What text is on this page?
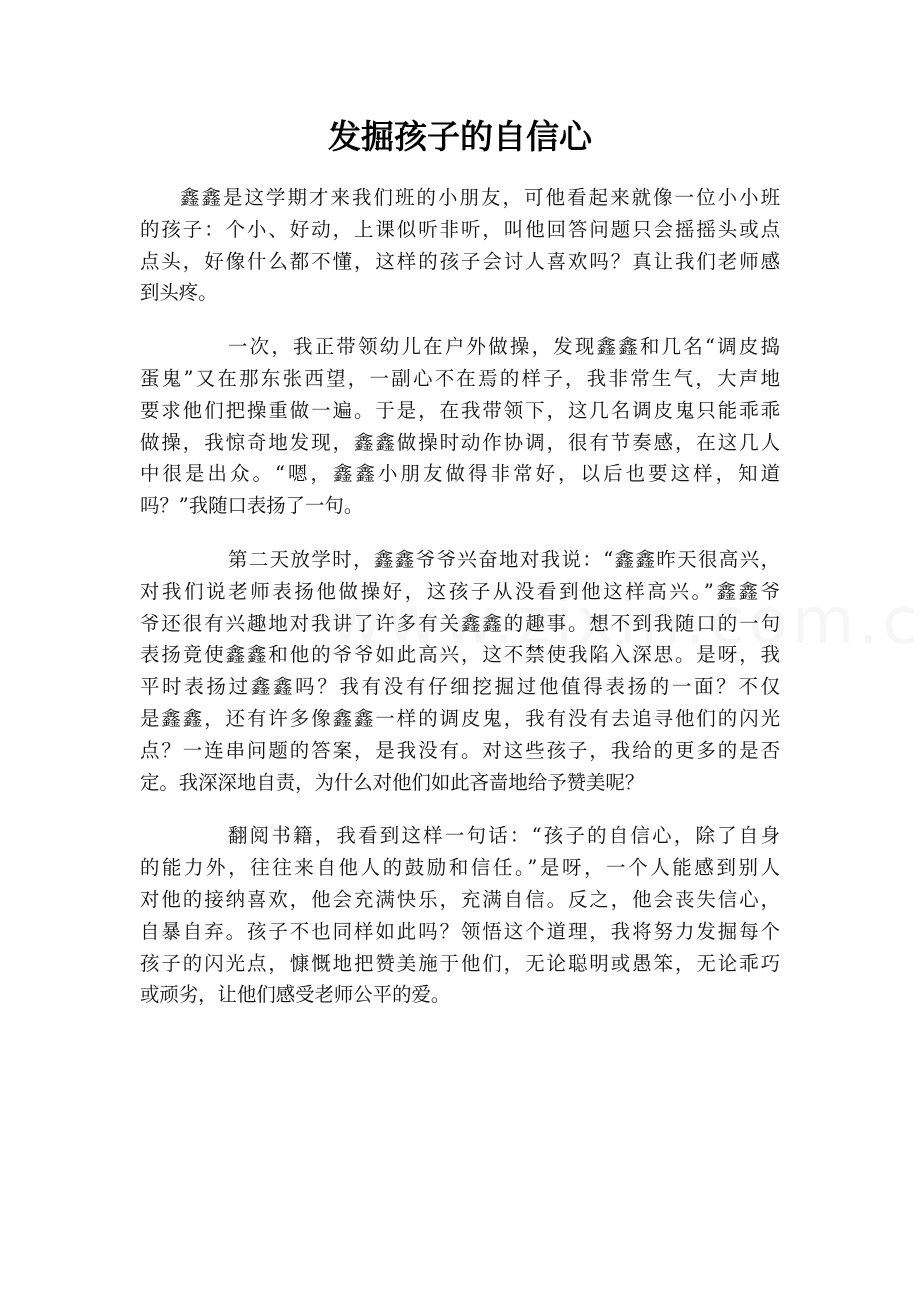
发掘孩子的自信心

鑫鑫是这学期才来我们班的小朋友，可他看起来就像一位小小班
的孩子：个小、好动，上课似听非听，叫他回答问题只会摇摇头或点
点头，好像什么都不懂，这样的孩子会讨人喜欢吗？真让我们老师感
到头疼。

一次，我正带领幼儿在户外做操，发现鑫鑫和几名“调皮捣
蛋鬼”又在那东张西望，一副心不在焉的样子，我非常生气，大声地
要求他们把操重做一遍。于是，在我带领下，这几名调皮鬼只能乖乖
做操，我惊奇地发现，鑫鑫做操时动作协调，很有节奏感，在这几人
中很是出众。“嗯，鑫鑫小朋友做得非常好，以后也要这样，知道
吗？”我随口表扬了一句。

第二天放学时，鑫鑫爷爷兴奋地对我说：“鑫鑫昨天很高兴，
对我们说老师表扬他做操好，这孩子从没看到他这样高兴。”鑫鑫爷
爷还很有兴趣地对我讲了许多有关鑫鑫的趣事。想不到我随口的一句
表扬竟使鑫鑫和他的爷爷如此高兴，这不禁使我陷入深思。是呀，我
平时表扬过鑫鑫吗？我有没有仔细挖掘过他值得表扬的一面？不仅
是鑫鑫，还有许多像鑫鑫一样的调皮鬼，我有没有去追寻他们的闪光
点？一连串问题的答案，是我没有。对这些孩子，我给的更多的是否
定。我深深地自责，为什么对他们如此吝啬地给予赞美呢？

翻阅书籍，我看到这样一句话：“孩子的自信心，除了自身
的能力外，往往来自他人的鼓励和信任。”是呀，一个人能感到别人
对他的接纳喜欢，他会充满快乐，充满自信。反之，他会丧失信心，
自暴自弃。孩子不也同样如此吗？领悟这个道理，我将努力发掘每个
孩子的闪光点，慷慨地把赞美施于他们，无论聪明或愚笨，无论乖巧
或顽劣，让他们感受老师公平的爱。
